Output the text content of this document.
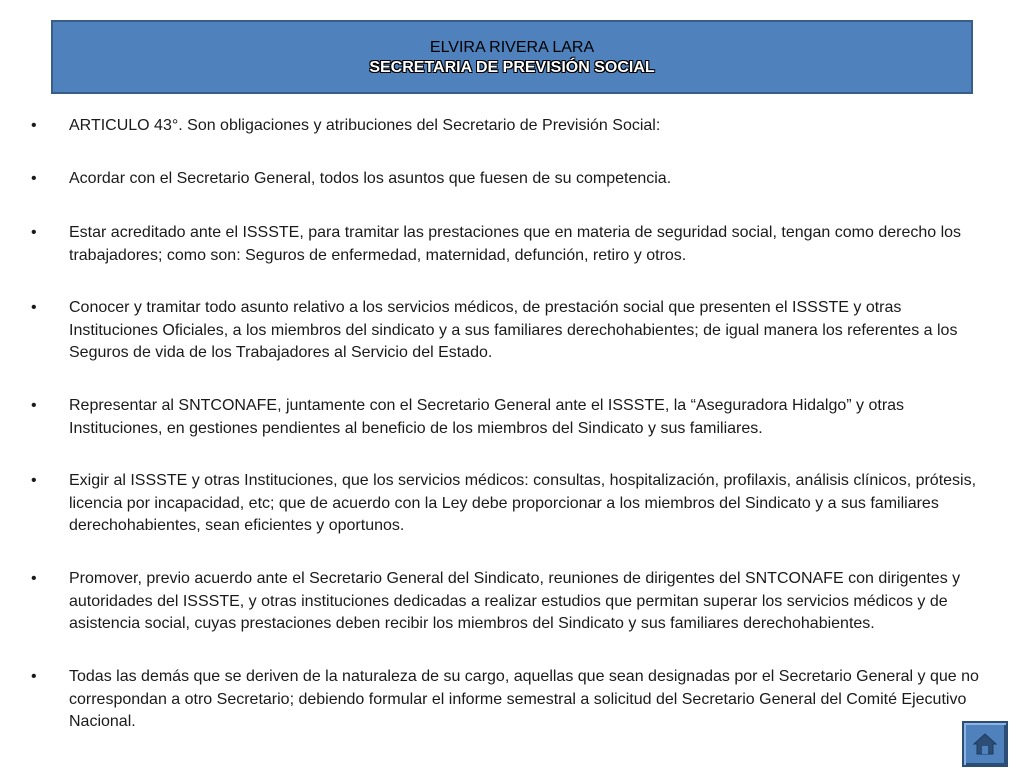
ELVIRA RIVERA LARA
SECRETARIA DE PREVISIÓN SOCIAL
• ARTICULO 43°. Son obligaciones y atribuciones del Secretario de Previsión Social:
• Acordar con el Secretario General, todos los asuntos que fuesen de su competencia.
• Estar acreditado ante el ISSSTE, para tramitar las prestaciones que en materia de seguridad social, tengan como derecho los trabajadores; como son: Seguros de enfermedad, maternidad, defunción, retiro y otros.
• Conocer y tramitar todo asunto relativo a los servicios médicos, de prestación social que presenten el ISSSTE y otras Instituciones Oficiales, a los miembros del sindicato y a sus familiares derechohabientes; de igual manera los referentes a los Seguros de vida de los Trabajadores al Servicio del Estado.
• Representar al SNTCONAFE, juntamente con el Secretario General ante el ISSSTE, la “Aseguradora Hidalgo” y otras Instituciones, en gestiones pendientes al beneficio de los miembros del Sindicato y sus familiares.
• Exigir al ISSSTE y otras Instituciones, que los servicios médicos: consultas, hospitalización, profilaxis, análisis clínicos, prótesis, licencia por incapacidad, etc; que de acuerdo con la Ley debe proporcionar a los miembros del Sindicato y a sus familiares derechohabientes, sean eficientes y oportunos.
• Promover, previo acuerdo ante el Secretario General del Sindicato, reuniones de dirigentes del SNTCONAFE con dirigentes y autoridades del ISSSTE, y otras instituciones dedicadas a realizar estudios que permitan superar los servicios médicos y de asistencia social, cuyas prestaciones deben recibir los miembros del Sindicato y sus familiares derechohabientes.
• Todas las demás que se deriven de la naturaleza de su cargo, aquellas que sean designadas por el Secretario General y que no correspondan a otro Secretario; debiendo formular el informe semestral a solicitud del Secretario General del Comité Ejecutivo Nacional.
